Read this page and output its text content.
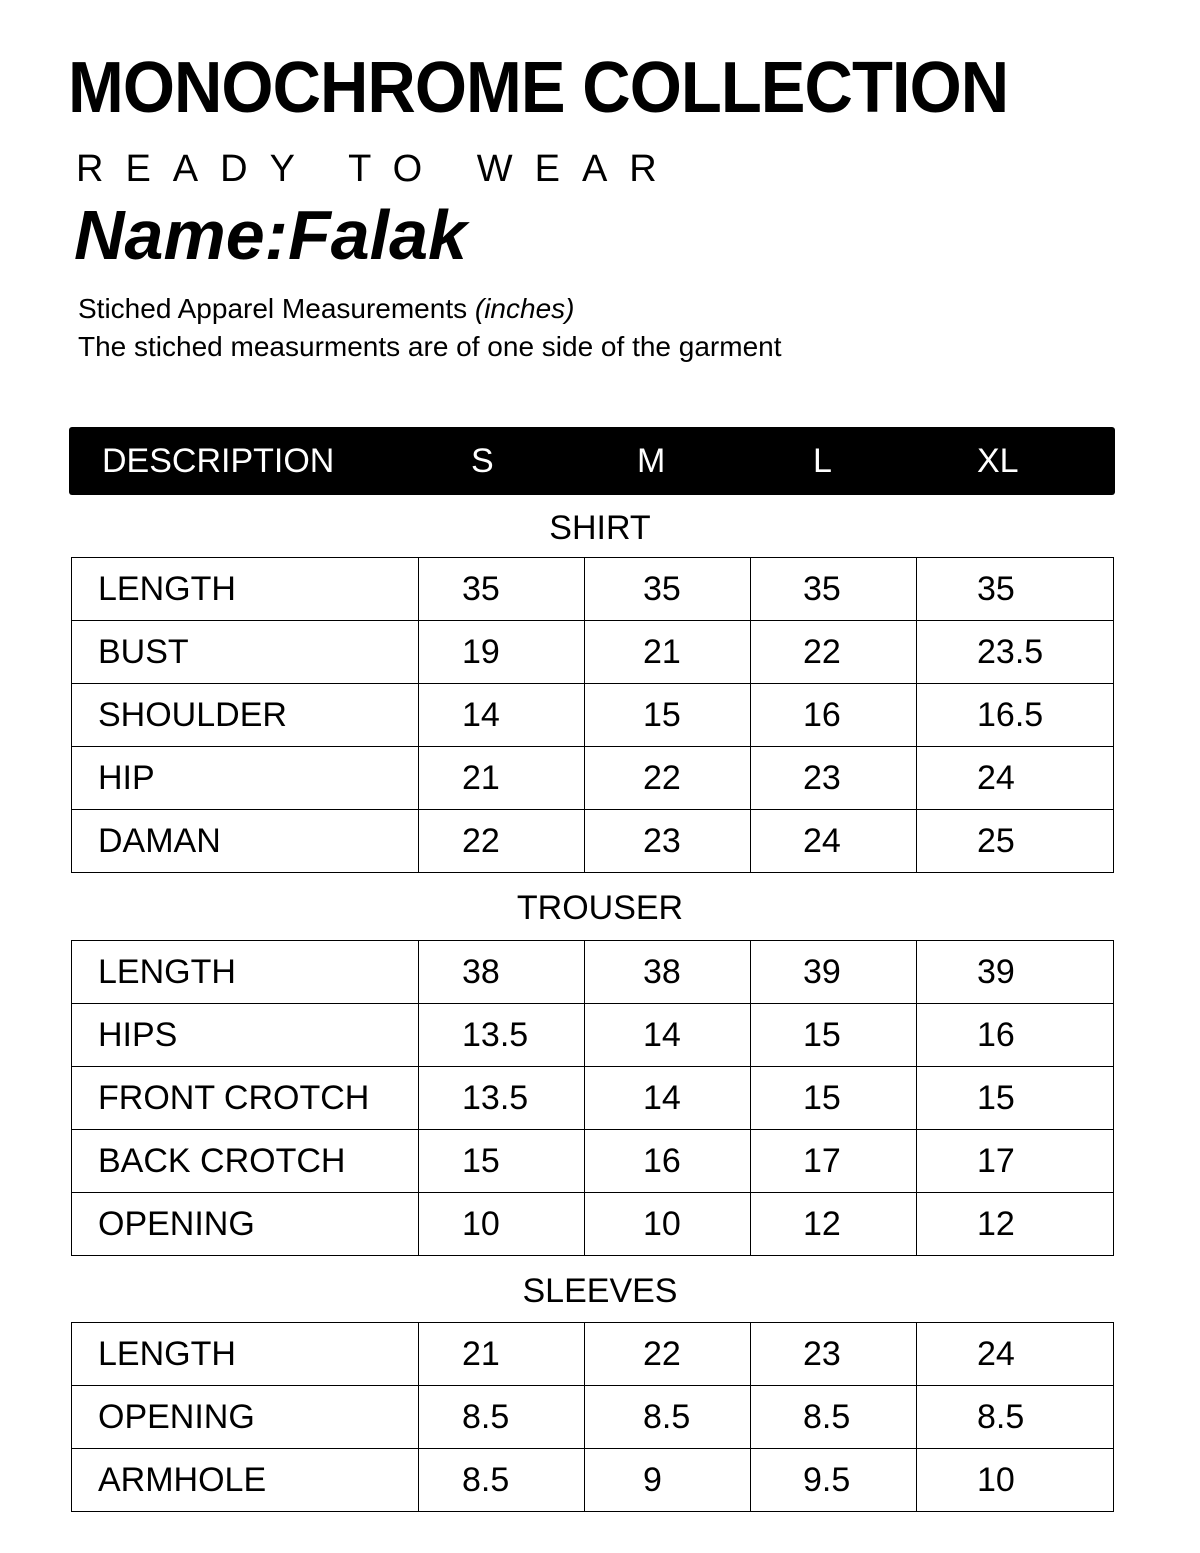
MONOCHROME COLLECTION
READY TO WEAR
Name:Falak
Stiched Apparel Measurements (inches)
The stiched measurments are of one side of the garment
DESCRIPTION	S	M	L	XL
SHIRT
LENGTH	35	35	35	35
BUST	19	21	22	23.5
SHOULDER	14	15	16	16.5
HIP	21	22	23	24
DAMAN	22	23	24	25
TROUSER
LENGTH	38	38	39	39
HIPS	13.5	14	15	16
FRONT CROTCH	13.5	14	15	15
BACK CROTCH	15	16	17	17
OPENING	10	10	12	12
SLEEVES
LENGTH	21	22	23	24
OPENING	8.5	8.5	8.5	8.5
ARMHOLE	8.5	9	9.5	10
